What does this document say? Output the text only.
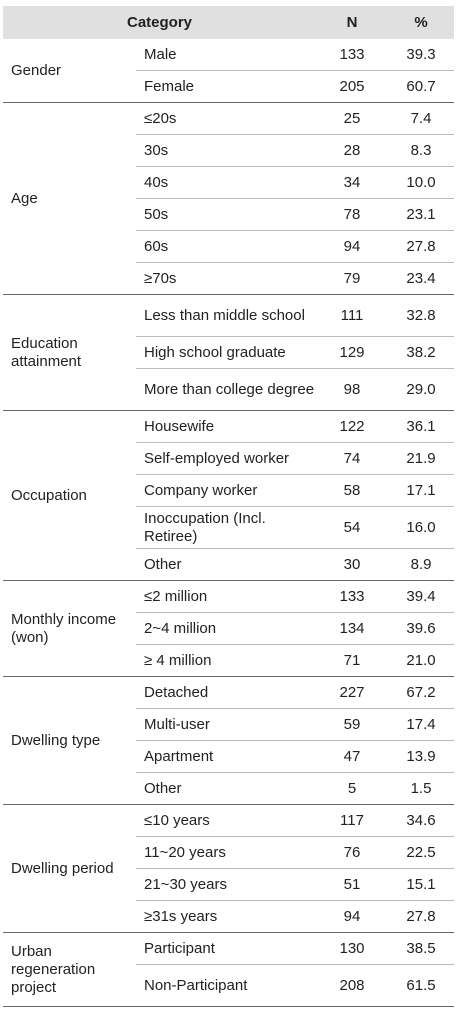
Category		N	%
Gender	Male	133	39.3
	Female	205	60.7
Age	≤20s	25	7.4
	30s	28	8.3
	40s	34	10.0
	50s	78	23.1
	60s	94	27.8
	≥70s	79	23.4
Education attainment	Less than middle school	111	32.8
	High school graduate	129	38.2
	More than college degree	98	29.0
Occupation	Housewife	122	36.1
	Self-employed worker	74	21.9
	Company worker	58	17.1
	Inoccupation (Incl. Retiree)	54	16.0
	Other	30	8.9
Monthly income (won)	≤2 million	133	39.4
	2~4 million	134	39.6
	≥ 4 million	71	21.0
Dwelling type	Detached	227	67.2
	Multi-user	59	17.4
	Apartment	47	13.9
	Other	5	1.5
Dwelling period	≤10 years	117	34.6
	11~20 years	76	22.5
	21~30 years	51	15.1
	≥31s years	94	27.8
Urban regeneration project	Participant	130	38.5
	Non-Participant	208	61.5
